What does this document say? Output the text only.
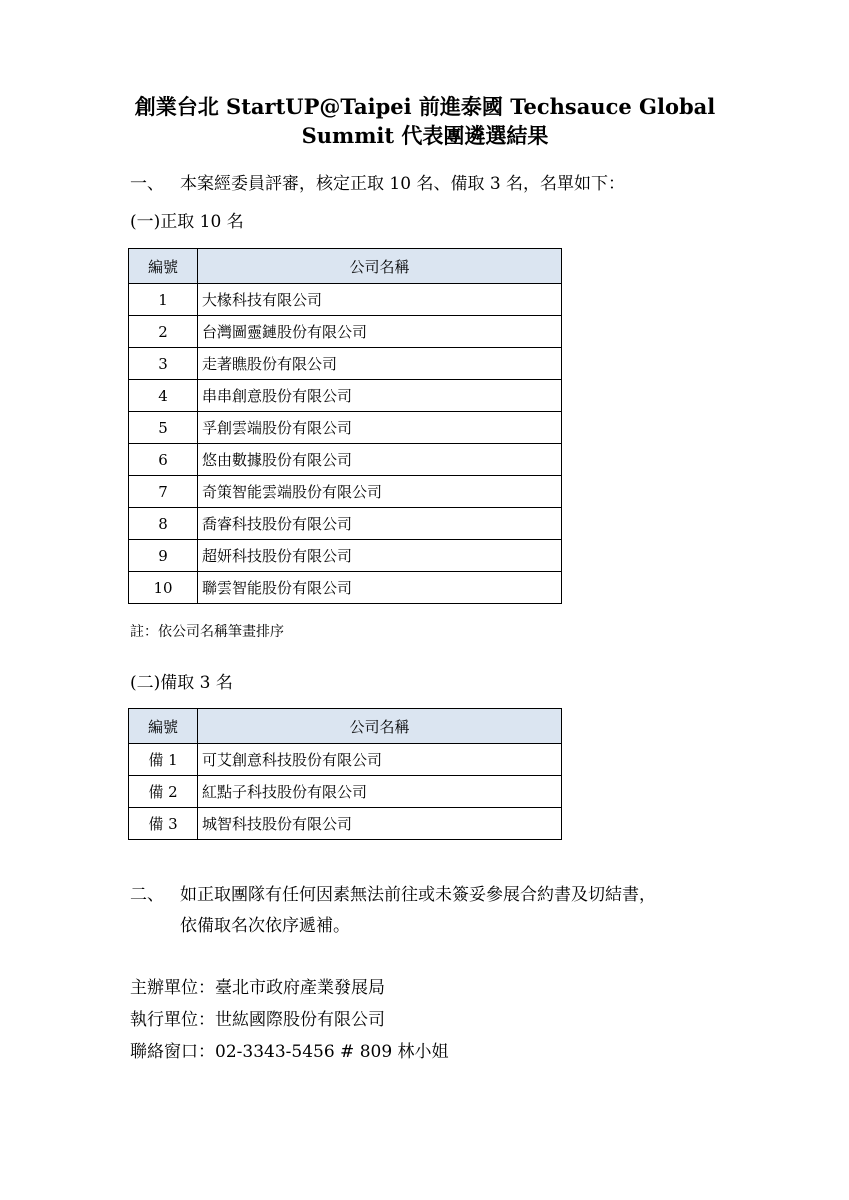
創業台北 StartUP@Taipei 前進泰國 Techsauce Global
Summit 代表團遴選結果
一、 本案經委員評審，核定正取 10 名、備取 3 名，名單如下：
(一)正取 10 名
編號	公司名稱
1	大椽科技有限公司
2	台灣圖靈鏈股份有限公司
3	走著瞧股份有限公司
4	串串創意股份有限公司
5	孚創雲端股份有限公司
6	悠由數據股份有限公司
7	奇策智能雲端股份有限公司
8	喬睿科技股份有限公司
9	超妍科技股份有限公司
10	聯雲智能股份有限公司
註：依公司名稱筆畫排序
(二)備取 3 名
編號	公司名稱
備 1	可艾創意科技股份有限公司
備 2	紅點子科技股份有限公司
備 3	城智科技股份有限公司
二、 如正取團隊有任何因素無法前往或未簽妥參展合約書及切結書，
依備取名次依序遞補。
主辦單位：臺北市政府產業發展局
執行單位：世紘國際股份有限公司
聯絡窗口：02-3343-5456 # 809 林小姐
